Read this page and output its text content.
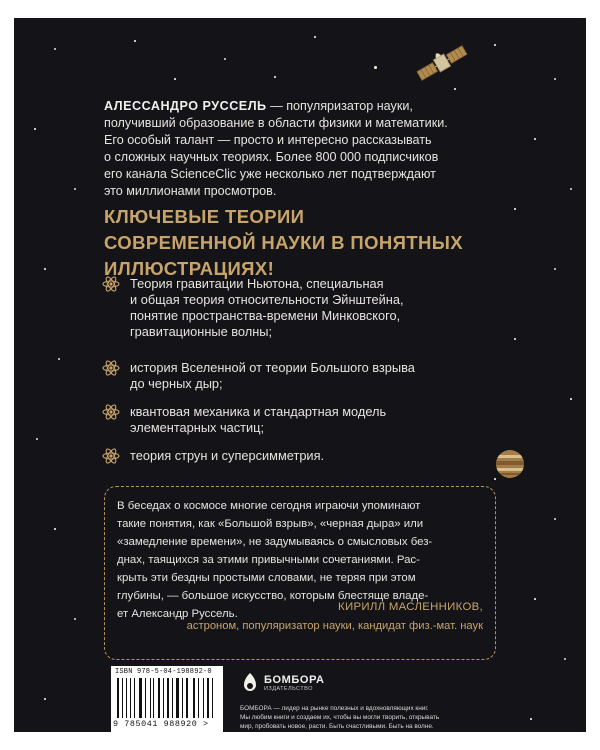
АЛЕССАНДРО РУССЕЛЬ — популяризатор науки,
получивший образование в области физики и математики.
Его особый талант — просто и интересно рассказывать
о сложных научных теориях. Более 800 000 подписчиков
его канала ScienceClic уже несколько лет подтверждают
это миллионами просмотров.
КЛЮЧЕВЫЕ ТЕОРИИ
СОВРЕМЕННОЙ НАУКИ В ПОНЯТНЫХ
ИЛЛЮСТРАЦИЯХ!
Теория гравитации Ньютона, специальная
и общая теория относительности Эйнштейна,
понятие пространства-времени Минковского,
гравитационные волны;
история Вселенной от теории Большого взрыва
до черных дыр;
квантовая механика и стандартная модель
элементарных частиц;
теория струн и суперсимметрия.
В беседах о космосе многие сегодня играючи упоминают
такие понятия, как «Большой взрыв», «черная дыра» или
«замедление времени», не задумываясь о смысловых без-
днах, таящихся за этими привычными сочетаниями. Рас-
крыть эти бездны простыми словами, не теряя при этом
глубины, — большое искусство, которым блестяще владе-
ет Александр Руссель.
КИРИЛЛ МАСЛЕННИКОВ,
астроном, популяризатор науки, кандидат физ.-мат. наук
ISBN 978-5-04-198892-0
9 785041 988920 >
БОМБОРА
ИЗДАТЕЛЬСТВО
БОМБОРА — лидер на рынке полезных и вдохновляющих книг.
Мы любим книги и создаем их, чтобы вы могли творить, открывать
мир, пробовать новое, расти. Быть счастливыми. Быть на волне.
